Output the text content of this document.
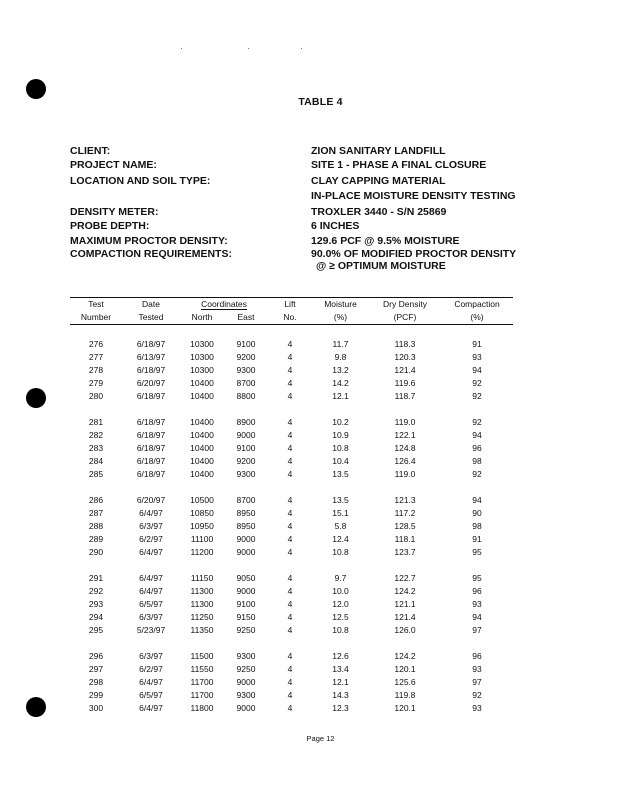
·	·	·
TABLE 4
CLIENT:	ZION SANITARY LANDFILL
PROJECT NAME:	SITE 1 - PHASE A FINAL CLOSURE
LOCATION AND SOIL TYPE:	CLAY CAPPING MATERIAL
IN-PLACE MOISTURE DENSITY TESTING
DENSITY METER:	TROXLER 3440 - S/N 25869
PROBE DEPTH:	6 INCHES
MAXIMUM PROCTOR DENSITY:	129.6 PCF @ 9.5% MOISTURE
COMPACTION REQUIREMENTS:	90.0% OF MODIFIED PROCTOR DENSITY
@ ≥ OPTIMUM MOISTURE
Test	Date	Coordinates		Lift	Moisture	Dry Density	Compaction
Number	Tested	North	East	No.	(%)	(PCF)	(%)

276	6/18/97	10300	9100	4	11.7	118.3	91
277	6/13/97	10300	9200	4	9.8	120.3	93
278	6/18/97	10300	9300	4	13.2	121.4	94
279	6/20/97	10400	8700	4	14.2	119.6	92
280	6/18/97	10400	8800	4	12.1	118.7	92

281	6/18/97	10400	8900	4	10.2	119.0	92
282	6/18/97	10400	9000	4	10.9	122.1	94
283	6/18/97	10400	9100	4	10.8	124.8	96
284	6/18/97	10400	9200	4	10.4	126.4	98
285	6/18/97	10400	9300	4	13.5	119.0	92

286	6/20/97	10500	8700	4	13.5	121.3	94
287	6/4/97	10850	8950	4	15.1	117.2	90
288	6/3/97	10950	8950	4	5.8	128.5	98
289	6/2/97	11100	9000	4	12.4	118.1	91
290	6/4/97	11200	9000	4	10.8	123.7	95

291	6/4/97	11150	9050	4	9.7	122.7	95
292	6/4/97	11300	9000	4	10.0	124.2	96
293	6/5/97	11300	9100	4	12.0	121.1	93
294	6/3/97	11250	9150	4	12.5	121.4	94
295	5/23/97	11350	9250	4	10.8	126.0	97

296	6/3/97	11500	9300	4	12.6	124.2	96
297	6/2/97	11550	9250	4	13.4	120.1	93
298	6/4/97	11700	9000	4	12.1	125.6	97
299	6/5/97	11700	9300	4	14.3	119.8	92
300	6/4/97	11800	9000	4	12.3	120.1	93
Page 12
